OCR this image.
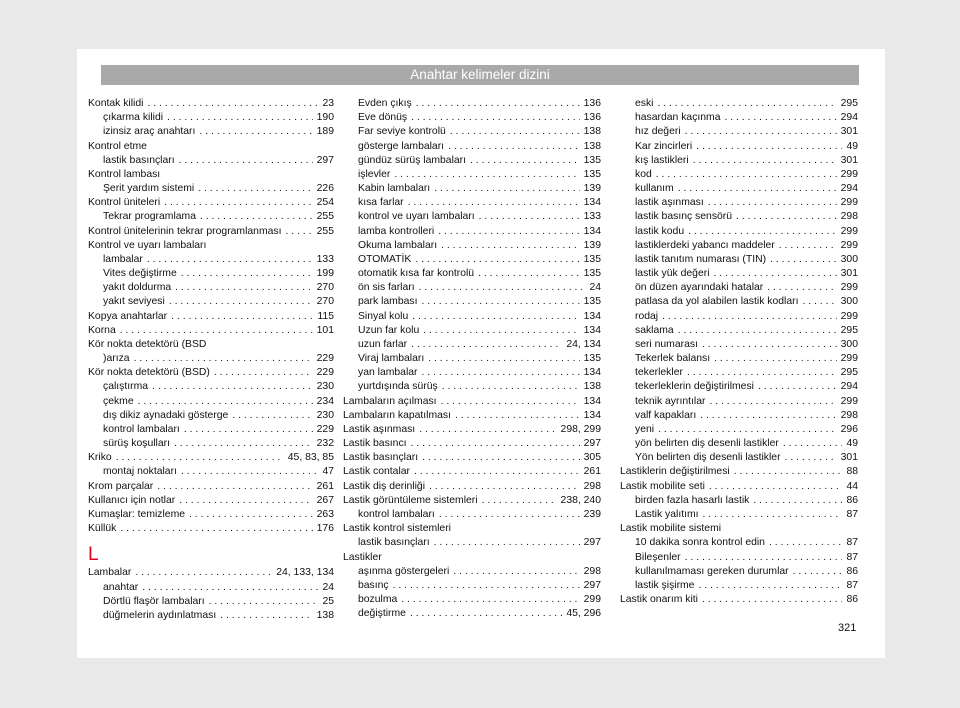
Anahtar kelimeler dizini
Kontak kilidi . . .	23
çıkarma kilidi . . .	190
izinsiz araç anahtarı . . .	189
Kontrol etme
lastik basınçları . . .	297
Kontrol lambası
Şerit yardım sistemi . . .	226
Kontrol üniteleri . . .	254
Tekrar programlama . . .	255
Kontrol ünitelerinin tekrar programlanması . . .	255
Kontrol ve uyarı lambaları
lambalar . . .	133
Vites değiştirme . . .	199
yakıt doldurma . . .	270
yakıt seviyesi . . .	270
Kopya anahtarlar . . .	115
Korna . . .	101
Kör nokta detektörü (BSD
)arıza . . .	229
Kör nokta detektörü (BSD) . . .	229
çalıştırma . . .	230
çekme . . .	234
dış dikiz aynadaki gösterge . . .	230
kontrol lambaları . . .	229
sürüş koşulları . . .	232
Kriko . . .	45, 83, 85
montaj noktaları . . .	47
Krom parçalar . . .	261
Kullanıcı için notlar . . .	267
Kumaşlar: temizleme . . .	263
Küllük . . .	176
L
Lambalar . . .	24, 133, 134
anahtar . . .	24
Dörtlü flaşör lambaları . . .	25
düğmelerin aydınlatması . . .	138
Evden çıkış . . .	136
Eve dönüş . . .	136
Far seviye kontrolü . . .	138
gösterge lambaları . . .	138
gündüz sürüş lambaları . . .	135
işlevler . . .	135
Kabin lambaları . . .	139
kısa farlar . . .	134
kontrol ve uyarı lambaları . . .	133
lamba kontrolleri . . .	134
Okuma lambaları . . .	139
OTOMATİK . . .	135
otomatik kısa far kontrolü . . .	135
ön sis farları . . .	24
park lambası . . .	135
Sinyal kolu . . .	134
Uzun far kolu . . .	134
uzun farlar . . .	24, 134
Viraj lambaları . . .	135
yan lambalar . . .	134
yurtdışında sürüş . . .	138
Lambaların açılması . . .	134
Lambaların kapatılması . . .	134
Lastik aşınması . . .	298, 299
Lastik basıncı . . .	297
Lastik basınçları . . .	305
Lastik contalar . . .	261
Lastik diş derinliği . . .	298
Lastik görüntüleme sistemleri . . .	238, 240
kontrol lambaları . . .	239
Lastik kontrol sistemleri
lastik basınçları . . .	297
Lastikler
aşınma göstergeleri . . .	298
basınç . . .	297
bozulma . . .	299
değiştirme . . .	45, 296
eski . . .	295
hasardan kaçınma . . .	294
hız değeri . . .	301
Kar zincirleri . . .	49
kış lastikleri . . .	301
kod . . .	299
kullanım . . .	294
lastik aşınması . . .	299
lastik basınç sensörü . . .	298
lastik kodu . . .	299
lastiklerdeki yabancı maddeler . . .	299
lastik tanıtım numarası (TIN) . . .	300
lastik yük değeri . . .	301
ön düzen ayarındaki hatalar . . .	299
patlasa da yol alabilen lastik kodları . . .	300
rodaj . . .	299
saklama . . .	295
seri numarası . . .	300
Tekerlek balansı . . .	299
tekerlekler . . .	295
tekerleklerin değiştirilmesi . . .	294
teknik ayrıntılar . . .	299
valf kapakları . . .	298
yeni . . .	296
yön belirten diş desenli lastikler . . .	49
Yön belirten diş desenli lastikler . . .	301
Lastiklerin değiştirilmesi . . .	88
Lastik mobilite seti . . .	44
birden fazla hasarlı lastik . . .	86
Lastik yalıtımı . . .	87
Lastik mobilite sistemi
10 dakika sonra kontrol edin . . .	87
Bileşenler . . .	87
kullanılmaması gereken durumlar . . .	86
lastik şişirme . . .	87
Lastik onarım kiti . . .	86
321
